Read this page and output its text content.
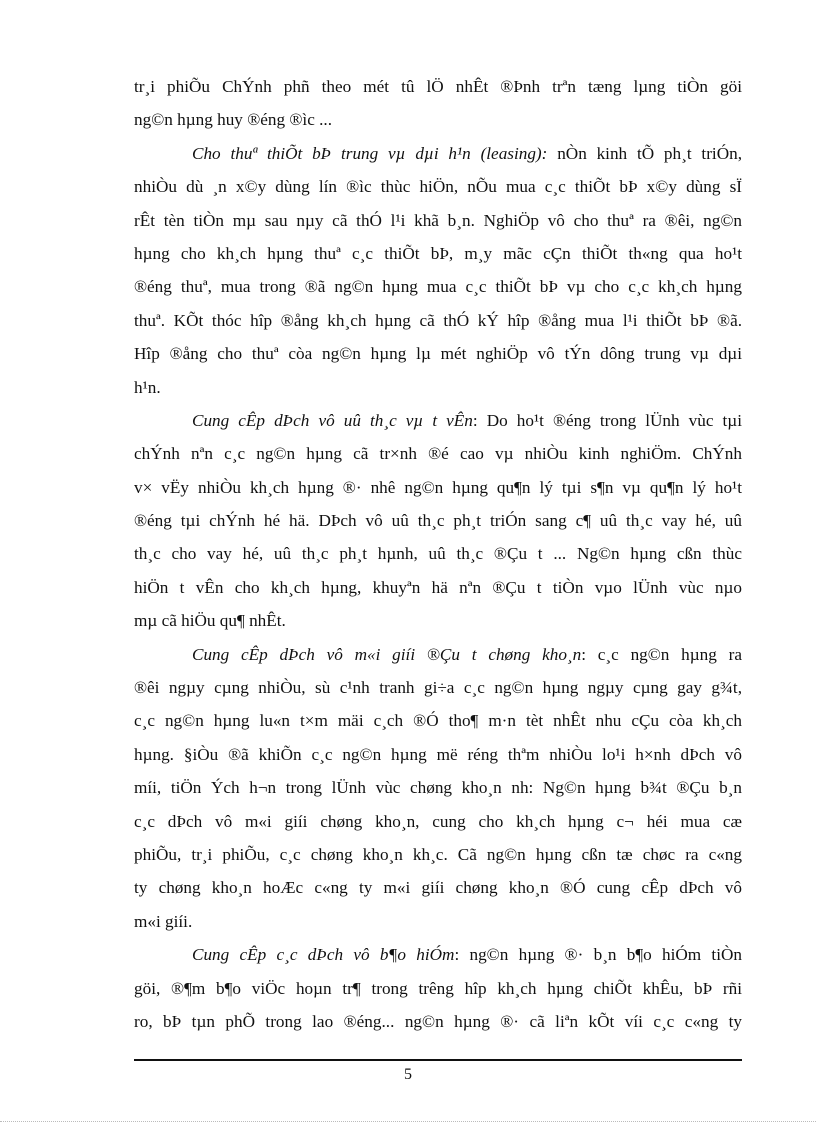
tr¸i phiÕu ChÝnh phñ theo mét tû lÖ nhÊt ®Þnh trªn tæng lµng tiÒn göi
ng©n hµng huy ®éng ®ìc ...
Cho thuª thiÕt bÞ trung vµ dµi h¹n (leasing): nÒn kinh tÕ ph¸t triÓn,
nhiÒu dù ¸n x©y dùng lín ®ìc thùc hiÖn, nÕu mua c¸c thiÕt bÞ x©y dùng sÏ
rÊt tèn tiÒn mµ sau nµy cã thÓ l¹i khã b¸n. NghiÖp vô cho thuª ra ®êi, ng©n
hµng cho kh¸ch hµng thuª c¸c thiÕt bÞ, m¸y mãc cÇn thiÕt th«ng qua ho¹t
®éng thuª, mua trong ®ã ng©n hµng mua c¸c thiÕt bÞ vµ cho c¸c kh¸ch hµng
thuª. KÕt thóc hîp ®ång kh¸ch hµng cã thÓ kÝ hîp ®ång mua l¹i thiÕt bÞ ®ã.
Hîp ®ång cho thuª còa ng©n hµng lµ mét nghiÖp vô tÝn dông trung vµ dµi
h¹n.
Cung cÊp dÞch vô uû th¸c vµ t vÊn: Do ho¹t ®éng trong lÜnh vùc tµi
chÝnh nªn c¸c ng©n hµng cã tr×nh ®é cao vµ nhiÒu kinh nghiÖm. ChÝnh
v× vËy nhiÒu kh¸ch hµng ®· nhê ng©n hµng qu¶n lý tµi s¶n vµ qu¶n lý ho¹t
®éng tµi chÝnh hé hä. DÞch vô uû th¸c ph¸t triÓn sang c¶ uû th¸c vay hé, uû
th¸c cho vay hé, uû th¸c ph¸t hµnh, uû th¸c ®Çu t ... Ng©n hµng cßn thùc
hiÖn t vÊn cho kh¸ch hµng, khuyªn hä nªn ®Çu t tiÒn vµo lÜnh vùc nµo
mµ cã hiÖu qu¶ nhÊt.
Cung cÊp dÞch vô m«i giíi ®Çu t chøng kho¸n: c¸c ng©n hµng ra
®êi ngµy cµng nhiÒu, sù c¹nh tranh gi÷a c¸c ng©n hµng ngµy cµng gay g¾t,
c¸c ng©n hµng lu«n t×m mäi c¸ch ®Ó tho¶ m·n tèt nhÊt nhu cÇu còa kh¸ch
hµng. §iÒu ®ã khiÕn c¸c ng©n hµng më réng thªm nhiÒu lo¹i h×nh dÞch vô
míi, tiÖn Ých h¬n trong lÜnh vùc chøng kho¸n nh: Ng©n hµng b¾t ®Çu b¸n
c¸c dÞch vô m«i giíi chøng kho¸n, cung cho kh¸ch hµng c¬ héi mua cæ
phiÕu, tr¸i phiÕu, c¸c chøng kho¸n kh¸c. Cã ng©n hµng cßn tæ chøc ra c«ng
ty chøng kho¸n hoÆc c«ng ty m«i giíi chøng kho¸n ®Ó cung cÊp dÞch vô
m«i giíi.
Cung cÊp c¸c dÞch vô b¶o hiÓm: ng©n hµng ®· b¸n b¶o hiÓm tiÒn
göi, ®¶m b¶o viÖc hoµn tr¶ trong trêng hîp kh¸ch hµng chiÕt khÊu, bÞ rñi
ro, bÞ tµn phÕ trong lao ®éng... ng©n hµng ®· cã liªn kÕt víi c¸c c«ng ty
5
